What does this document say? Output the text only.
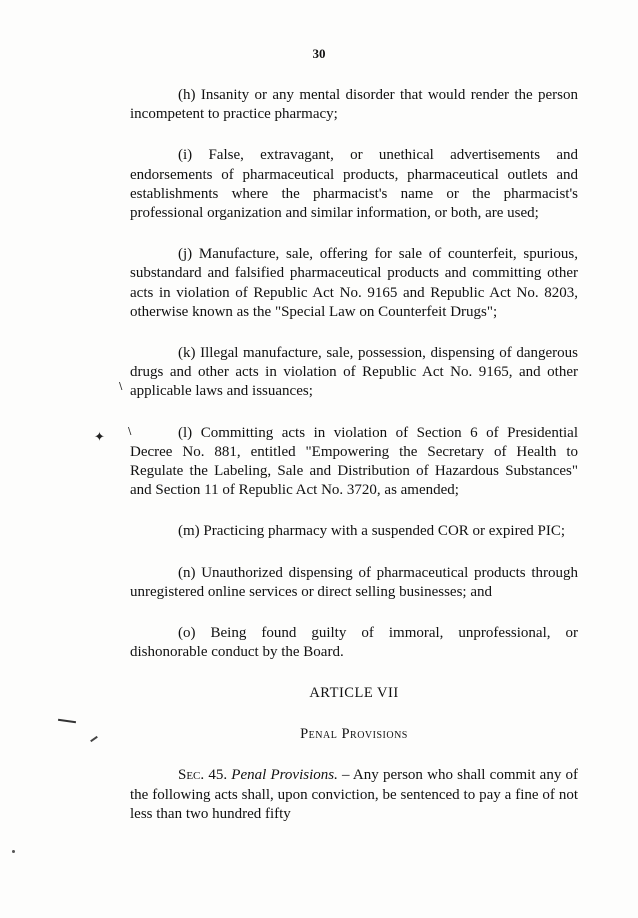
30
\
\
✦

(h) Insanity or any mental disorder that would render the person incompetent to practice pharmacy;

(i) False, extravagant, or unethical advertisements and endorsements of pharmaceutical products, pharmaceutical outlets and establishments where the pharmacist's name or the pharmacist's professional organization and similar information, or both, are used;

(j) Manufacture, sale, offering for sale of counterfeit, spurious, substandard and falsified pharmaceutical products and committing other acts in violation of Republic Act No. 9165 and Republic Act No. 8203, otherwise known as the "Special Law on Counterfeit Drugs";

(k) Illegal manufacture, sale, possession, dispensing of dangerous drugs and other acts in violation of Republic Act No. 9165, and other applicable laws and issuances;

(l) Committing acts in violation of Section 6 of Presidential Decree No. 881, entitled "Empowering the Secretary of Health to Regulate the Labeling, Sale and Distribution of Hazardous Substances" and Section 11 of Republic Act No. 3720, as amended;

(m) Practicing pharmacy with a suspended COR or expired PIC;

(n) Unauthorized dispensing of pharmaceutical products through unregistered online services or direct selling businesses; and

(o) Being found guilty of immoral, unprofessional, or dishonorable conduct by the Board.

ARTICLE VII
Penal Provisions

Sec. 45. Penal Provisions. – Any person who shall commit any of the following acts shall, upon conviction, be sentenced to pay a fine of not less than two hundred fifty
